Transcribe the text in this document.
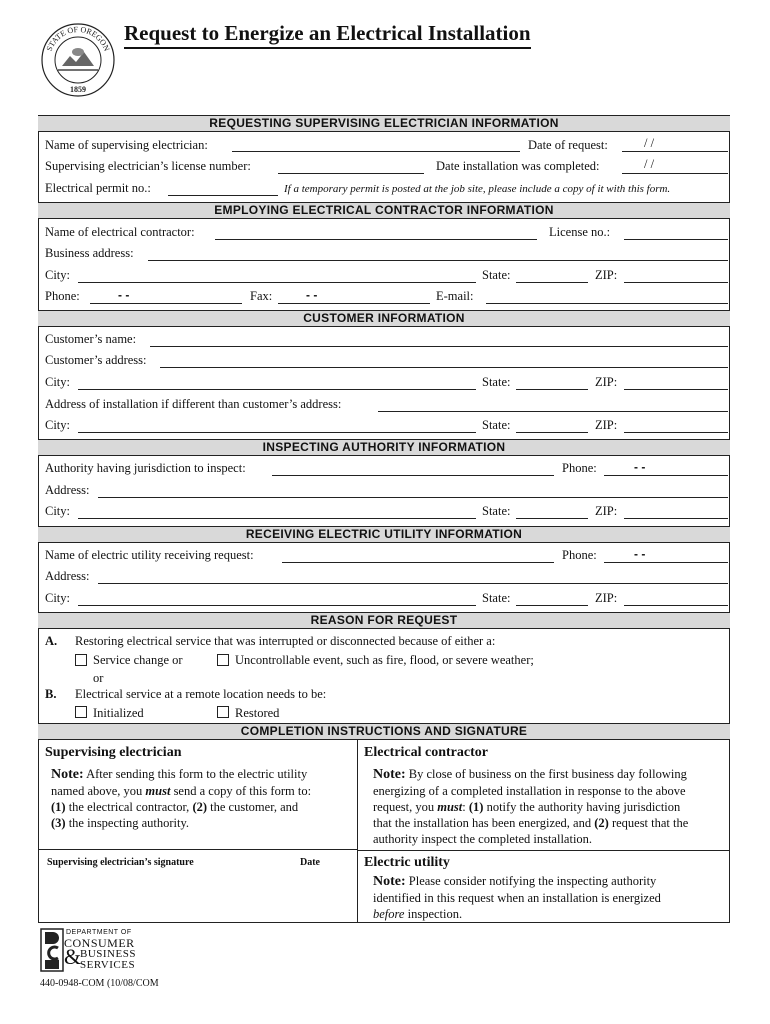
STATE OF OREGON
1859
Request to Energize an Electrical Installation
REQUESTING SUPERVISING ELECTRICIAN INFORMATION
Name of supervising electrician:	Date of request:	/ /
Supervising electrician’s license number:	Date installation was completed:	/ /
Electrical permit no.:	If a temporary permit is posted at the job site, please include a copy of it with this form.
EMPLOYING ELECTRICAL CONTRACTOR INFORMATION
Name of electrical contractor:	License no.:
Business address:
City:	State:	ZIP:
Phone:	- -	Fax:	- -	E-mail:
CUSTOMER INFORMATION
Customer’s name:
Customer’s address:
City:	State:	ZIP:
Address of installation if different than customer’s address:
City:	State:	ZIP:
INSPECTING AUTHORITY INFORMATION
Authority having jurisdiction to inspect:	Phone:	- -
Address:
City:	State:	ZIP:
RECEIVING ELECTRIC UTILITY INFORMATION
Name of electric utility receiving request:	Phone:	- -
Address:
City:	State:	ZIP:
REASON FOR REQUEST
A. Restoring electrical service that was interrupted or disconnected because of either a:
Service change or	Uncontrollable event, such as fire, flood, or severe weather;
or
B. Electrical service at a remote location needs to be:
Initialized	Restored
COMPLETION INSTRUCTIONS AND SIGNATURE
Supervising electrician
Note: After sending this form to the electric utility
named above, you must send a copy of this form to:
(1) the electrical contractor, (2) the customer, and
(3) the inspecting authority.
Supervising electrician’s signature	Date
Electrical contractor
Note: By close of business on the first business day following
energizing of a completed installation in response to the above
request, you must: (1) notify the authority having jurisdiction
that the installation has been energized, and (2) request that the
authority inspect the completed installation.
Electric utility
Note: Please consider notifying the inspecting authority
identified in this request when an installation is energized
before inspection.
DEPARTMENT OF
CONSUMER
&
BUSINESS
SERVICES
440-0948-COM (10/08/COM
